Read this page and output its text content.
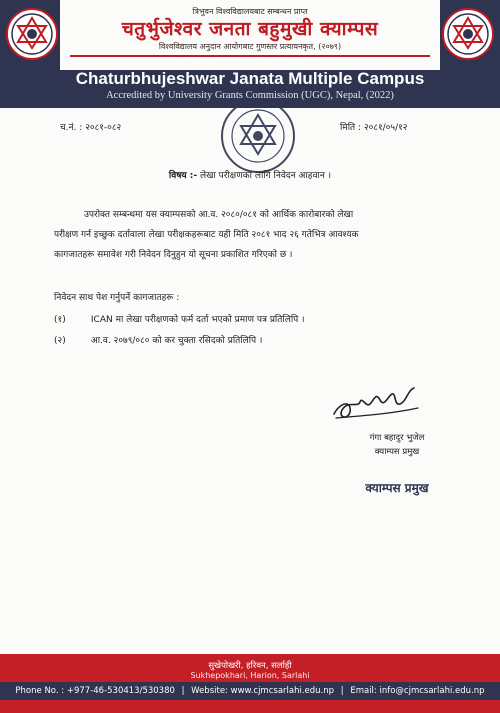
त्रिभुवन विश्वविद्यालयबाट सम्बन्धन प्राप्त
चतुर्भुजेश्वर जनता बहुमुखी क्याम्पस
विश्वविद्यालय अनुदान आयोगबाट गुणस्तर प्रत्यायनकृत, (२०७९)
Affiliated to Tribhuvan University
Chaturbhujeshwar Janata Multiple Campus
Accredited by University Grants Commission (UGC), Nepal, (2022)
च.नं. : २०८१-०८२	मिति : २०८१/०५/१२
विषय :- लेखा परीक्षणका लागि निवेदन आहवान ।
उपरोक्त सम्बन्धमा यस क्याम्पसको आ.व. २०८०/०८१ को आर्थिक कारोबारको लेखा
परीक्षण गर्न इच्छुक दर्तावाला लेखा परीक्षकहरूबाट यही मिति २०८१ भाद २६ गतेभित्र आवश्यक
कागजातहरू समावेश गरी निवेदन दिनुहुन यो सूचना प्रकाशित गरिएको छ ।
निवेदन साथ पेश गर्नुपर्ने कागजातहरू :
(१)	ICAN मा लेखा परीक्षणको फर्म दर्ता भएको प्रमाण पत्र प्रतिलिपि ।
(२)	आ.व. २०७९/०८० को कर चुक्ता रसिदको प्रतिलिपि ।
गंगा बहादुर भुजेल
क्याम्पस प्रमुख
क्याम्पस प्रमुख
सुखेपोखरी, हरिवन, सर्लाही
Sukhepokhari, Harion, Sarlahi
Phone No. : +977-46-530413/530380 | Website: www.cjmcsarlahi.edu.np | Email: info@cjmcsarlahi.edu.np
